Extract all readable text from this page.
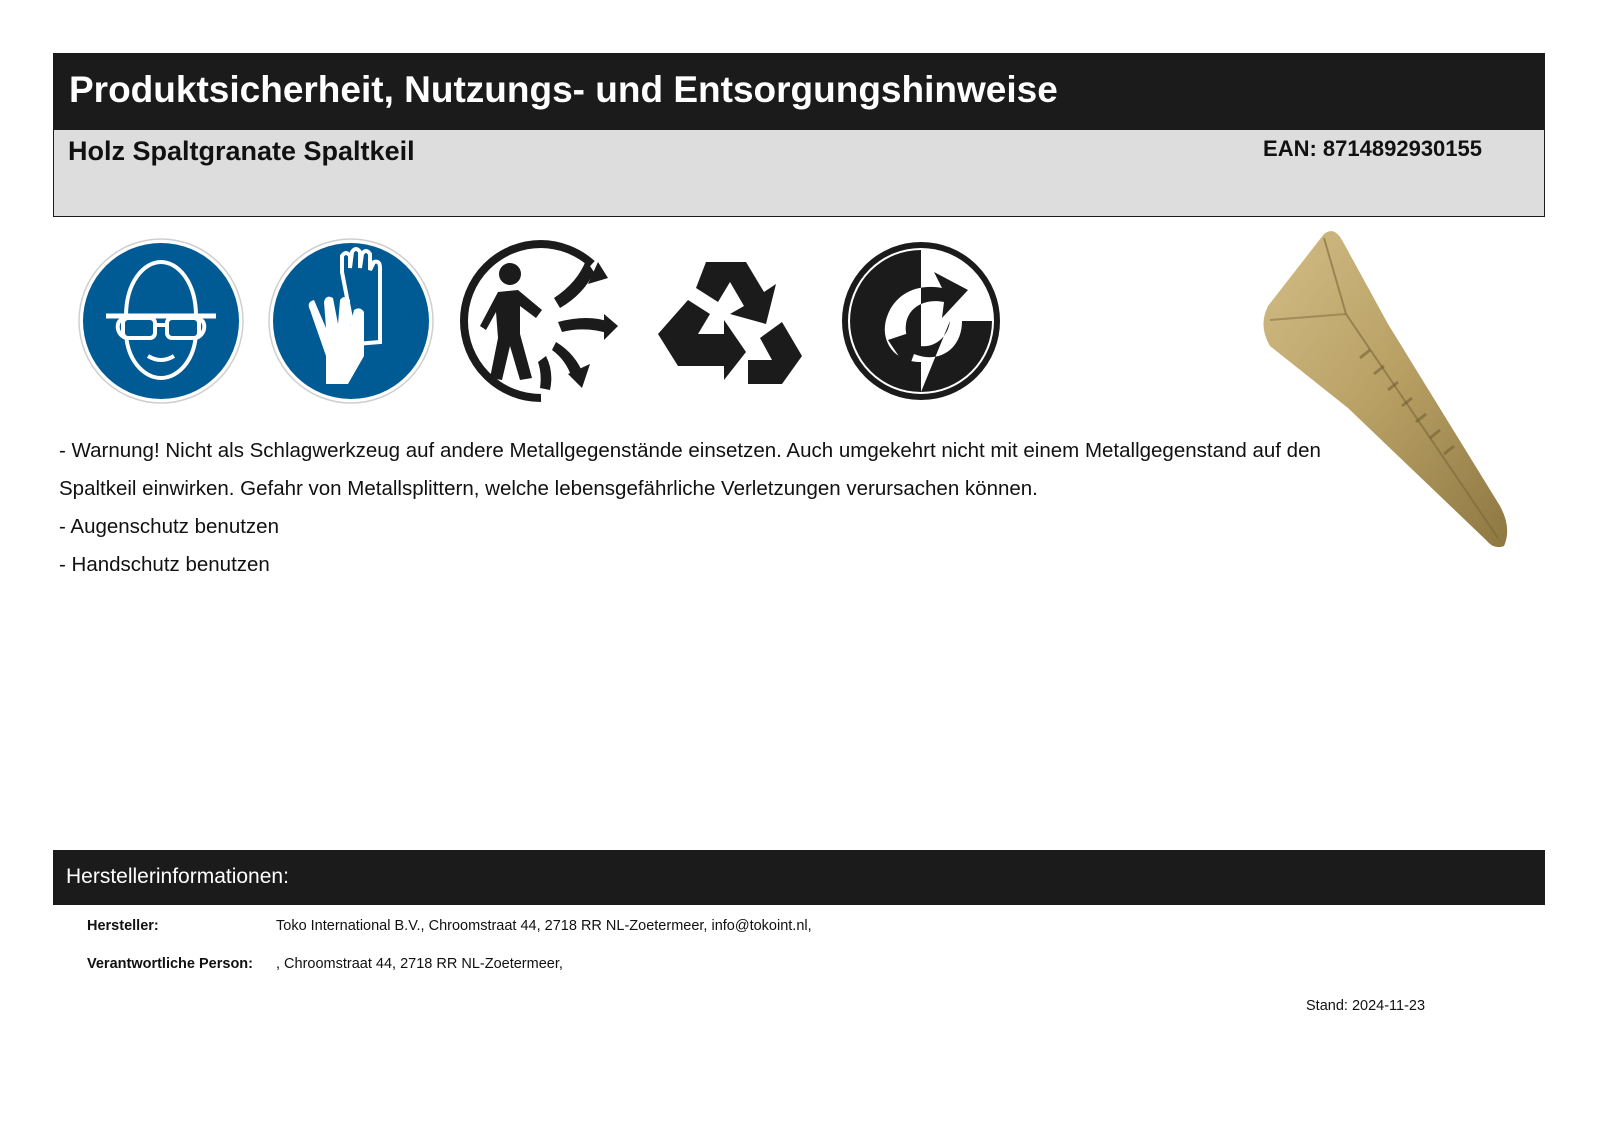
Produktsicherheit, Nutzungs- und Entsorgungshinweise
Holz Spaltgranate Spaltkeil	EAN: 8714892930155
- Warnung! Nicht als Schlagwerkzeug auf andere Metallgegenstände einsetzen. Auch umgekehrt nicht mit einem Metallgegenstand auf den
Spaltkeil einwirken. Gefahr von Metallsplittern, welche lebensgefährliche Verletzungen verursachen können.
- Augenschutz benutzen
- Handschutz benutzen
Herstellerinformationen:
Hersteller:	Toko International B.V., Chroomstraat 44, 2718 RR NL-Zoetermeer, info@tokoint.nl,
Verantwortliche Person: , Chroomstraat 44, 2718 RR NL-Zoetermeer,
Stand: 2024-11-23
